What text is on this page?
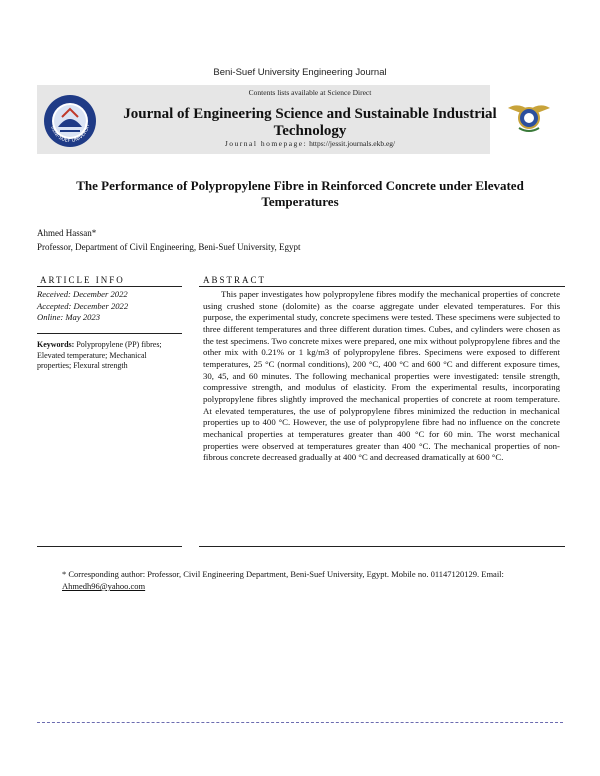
Beni-Suef University Engineering Journal
BENI-SUEF UNIVERSIT
Contents lists available at Science Direct
Journal of Engineering Science and Sustainable Industrial Technology
Journal homepage: https://jessit.journals.ekb.eg/
The Performance of Polypropylene Fibre in Reinforced Concrete under Elevated Temperatures
Ahmed Hassan*
Professor, Department of Civil Engineering, Beni-Suef University, Egypt
ARTICLE INFO	ABSTRACT
Received: December 2022
Accepted: December 2022
Online: May 2023
Keywords: Polypropylene (PP) fibres; Elevated temperature; Mechanical properties; Flexural strength
This paper investigates how polypropylene fibres modify the mechanical properties of concrete using crushed stone (dolomite) as the coarse aggregate under elevated temperatures. For this purpose, the experimental study, concrete specimens were tested. These specimens were subjected to three different temperatures and three different duration times. Cubes, and cylinders were chosen as the test specimens. Two concrete mixes were prepared, one mix without polypropylene fibres and the other mix with 0.21% or 1 kg/m3 of polypropylene fibres. Specimens were exposed to different temperatures, 25 °C (normal conditions), 200 °C, 400 °C and 600 °C and different exposure times, 30, 45, and 60 minutes. The following mechanical properties were investigated: tensile strength, compressive strength, and modulus of elasticity. From the experimental results, incorporating polypropylene fibres slightly improved the mechanical properties of concrete at room temperature. At elevated temperatures, the use of polypropylene fibres minimized the reduction in mechanical properties up to 400 °C. However, the use of polypropylene fibre had no influence on the concrete mechanical properties at temperatures greater than 400 °C for 60 min. The worst mechanical properties were observed at temperatures greater than 400 °C. The mechanical properties of non-fibrous concrete decreased gradually at 400 °C and decreased dramatically at 600 °C.
* Corresponding author: Professor, Civil Engineering Department, Beni-Suef University, Egypt. Mobile no. 01147120129. Email: Ahmedh96@yahoo.com
